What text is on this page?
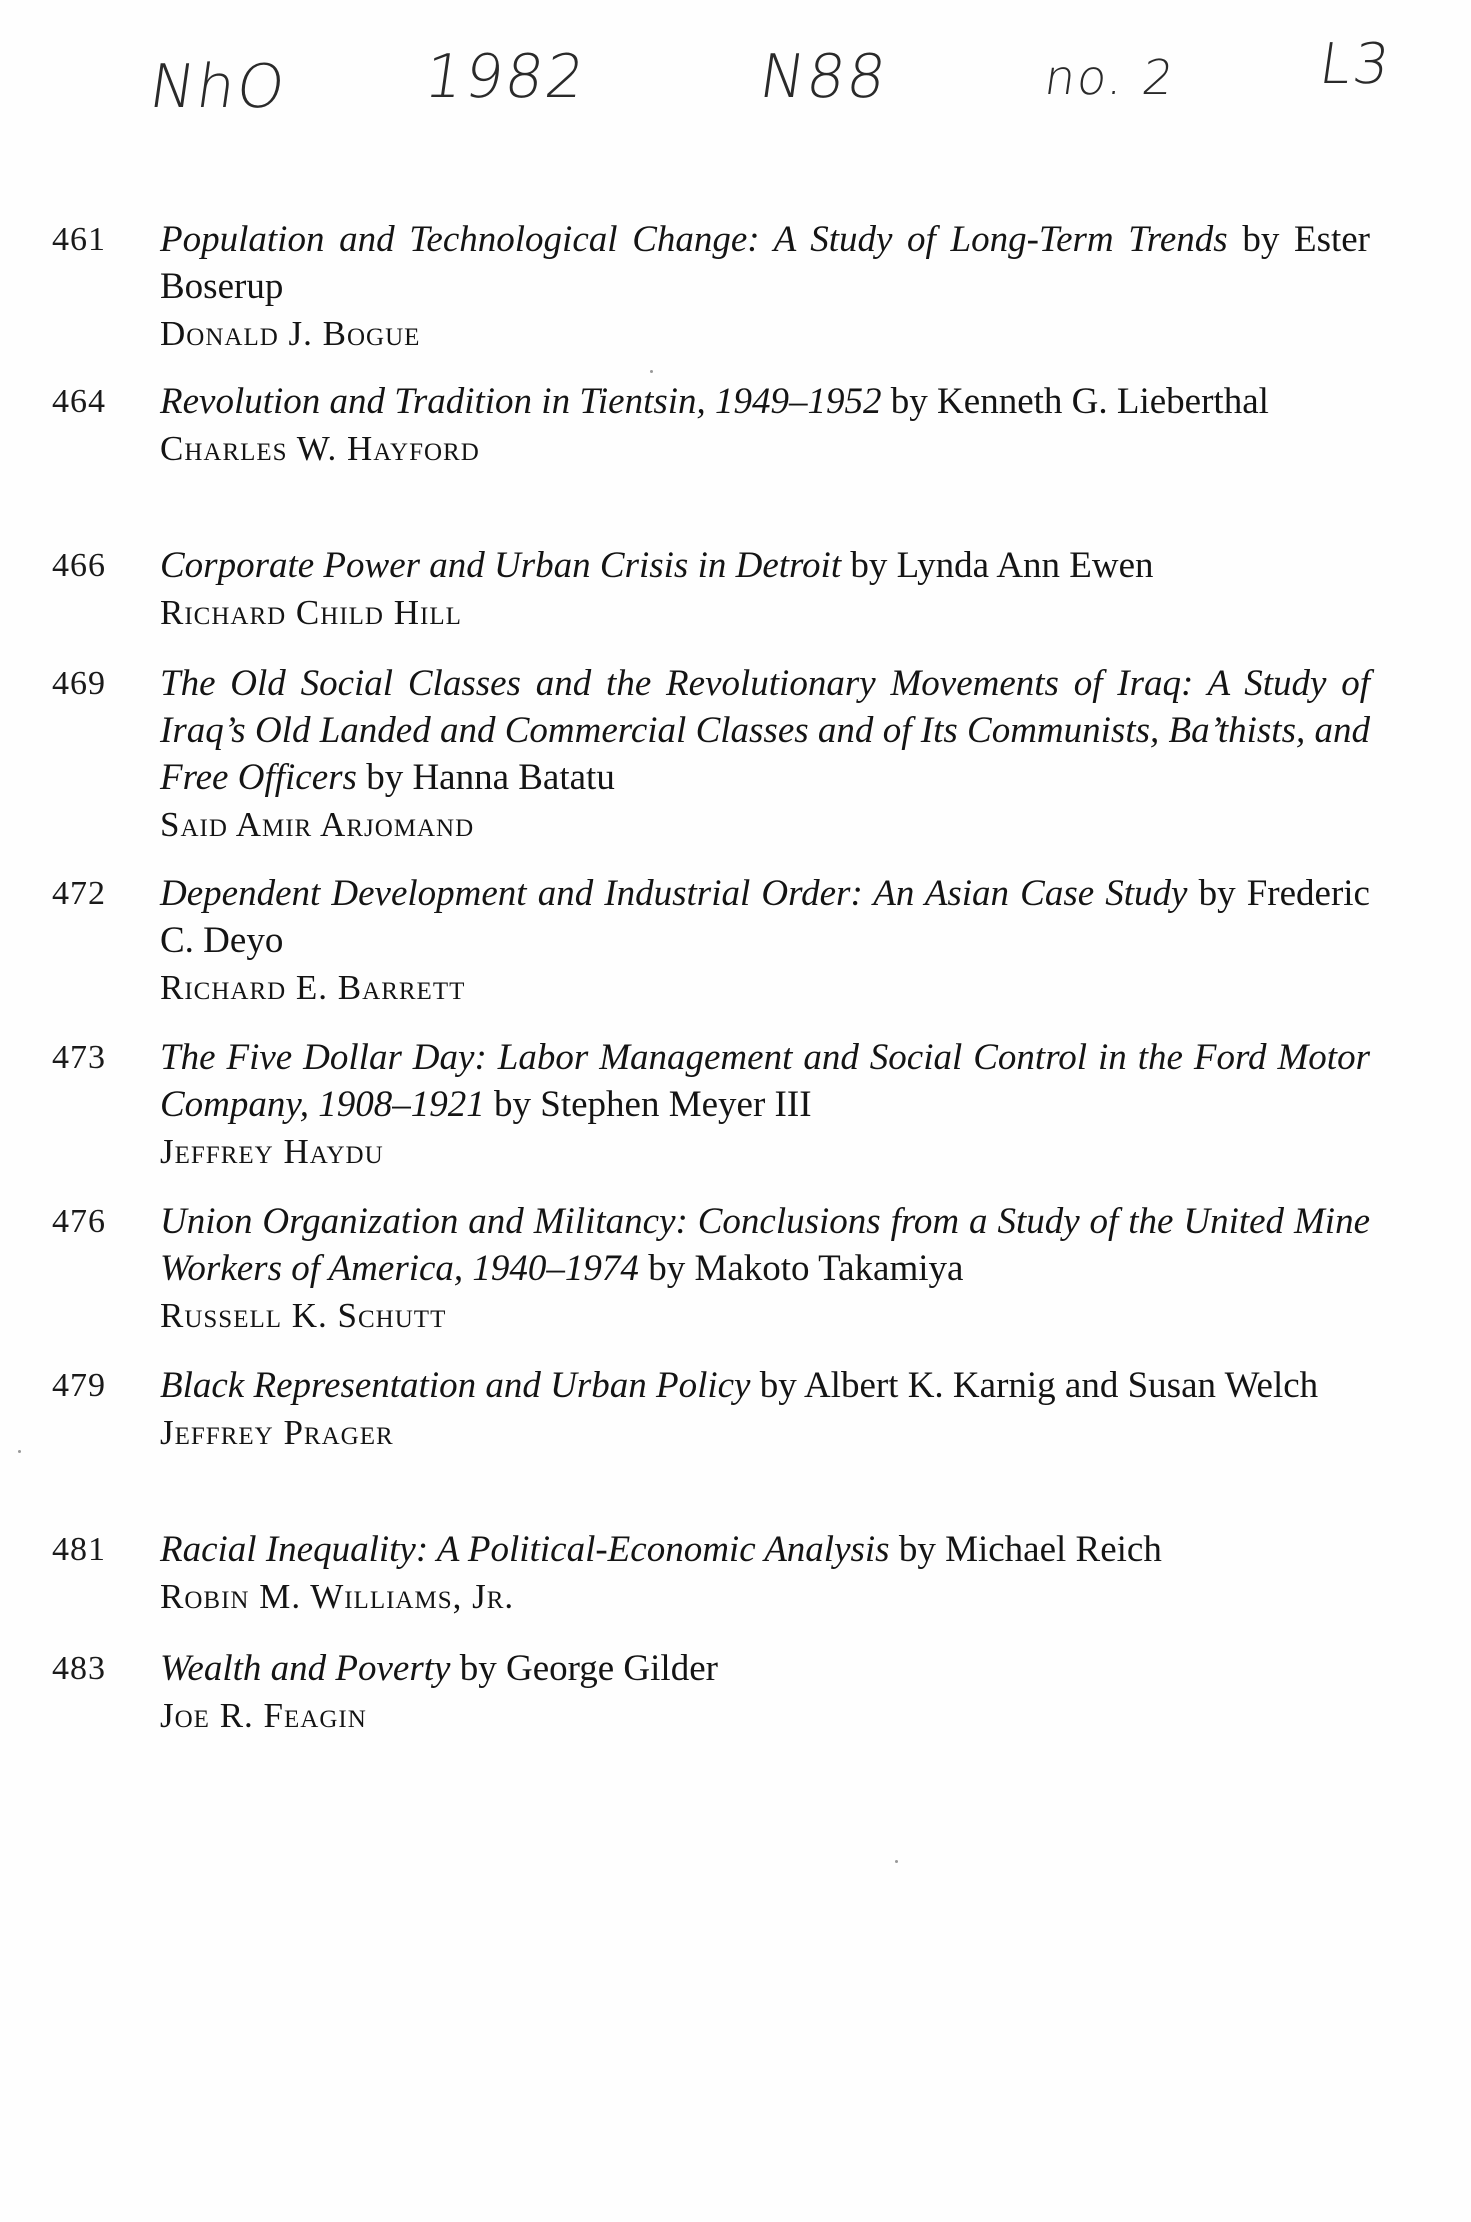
NhO 1982	N88	no. 2 L3
461	Population and Technological Change: A Study of Long-Term Trends by Ester Boserup
Donald J. Bogue
464	Revolution and Tradition in Tientsin, 1949–1952 by Kenneth G. Lieberthal
Charles W. Hayford
466	Corporate Power and Urban Crisis in Detroit by Lynda Ann Ewen
Richard Child Hill
469	The Old Social Classes and the Revolutionary Movements of Iraq: A Study of Iraq’s Old Landed and Commercial Classes and of Its Communists, Ba’thists, and Free Officers by Hanna Batatu
Said Amir Arjomand
472	Dependent Development and Industrial Order: An Asian Case Study by Frederic C. Deyo
Richard E. Barrett
473	The Five Dollar Day: Labor Management and Social Control in the Ford Motor Company, 1908–1921 by Stephen Meyer III
Jeffrey Haydu
476	Union Organization and Militancy: Conclusions from a Study of the United Mine Workers of America, 1940–1974 by Makoto Takamiya
Russell K. Schutt
479	Black Representation and Urban Policy by Albert K. Karnig and Susan Welch
Jeffrey Prager
481	Racial Inequality: A Political-Economic Analysis by Michael Reich
Robin M. Williams, Jr.
483	Wealth and Poverty by George Gilder
Joe R. Feagin
